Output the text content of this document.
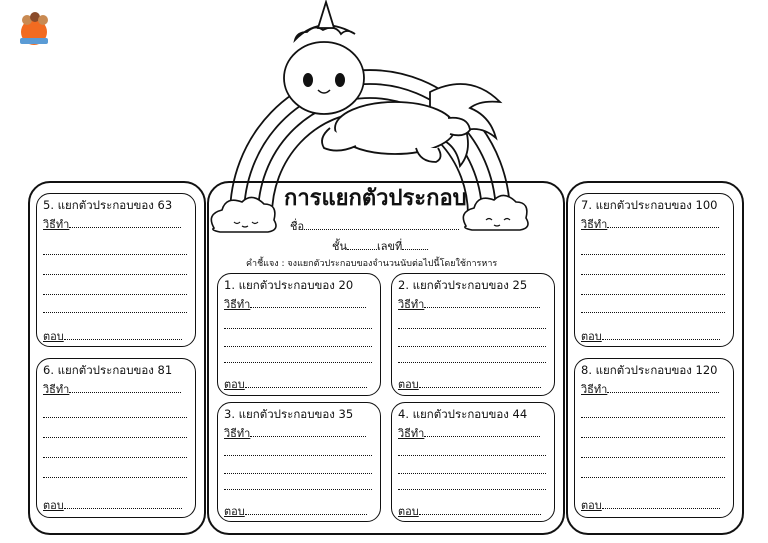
การแยกตัวประกอบ
ชื่อ
ชั้น	เลขที่
คำชี้แจง : จงแยกตัวประกอบของจำนวนนับต่อไปนี้โดยใช้การหาร
5. แยกตัวประกอบของ 63
วิธีทำ
ตอบ
6. แยกตัวประกอบของ 81
วิธีทำ
ตอบ
7. แยกตัวประกอบของ 100
วิธีทำ
ตอบ
8. แยกตัวประกอบของ 120
วิธีทำ
ตอบ
1. แยกตัวประกอบของ 20
วิธีทำ
ตอบ
2. แยกตัวประกอบของ 25
วิธีทำ
ตอบ
3. แยกตัวประกอบของ 35
วิธีทำ
ตอบ
4. แยกตัวประกอบของ 44
วิธีทำ
ตอบ
